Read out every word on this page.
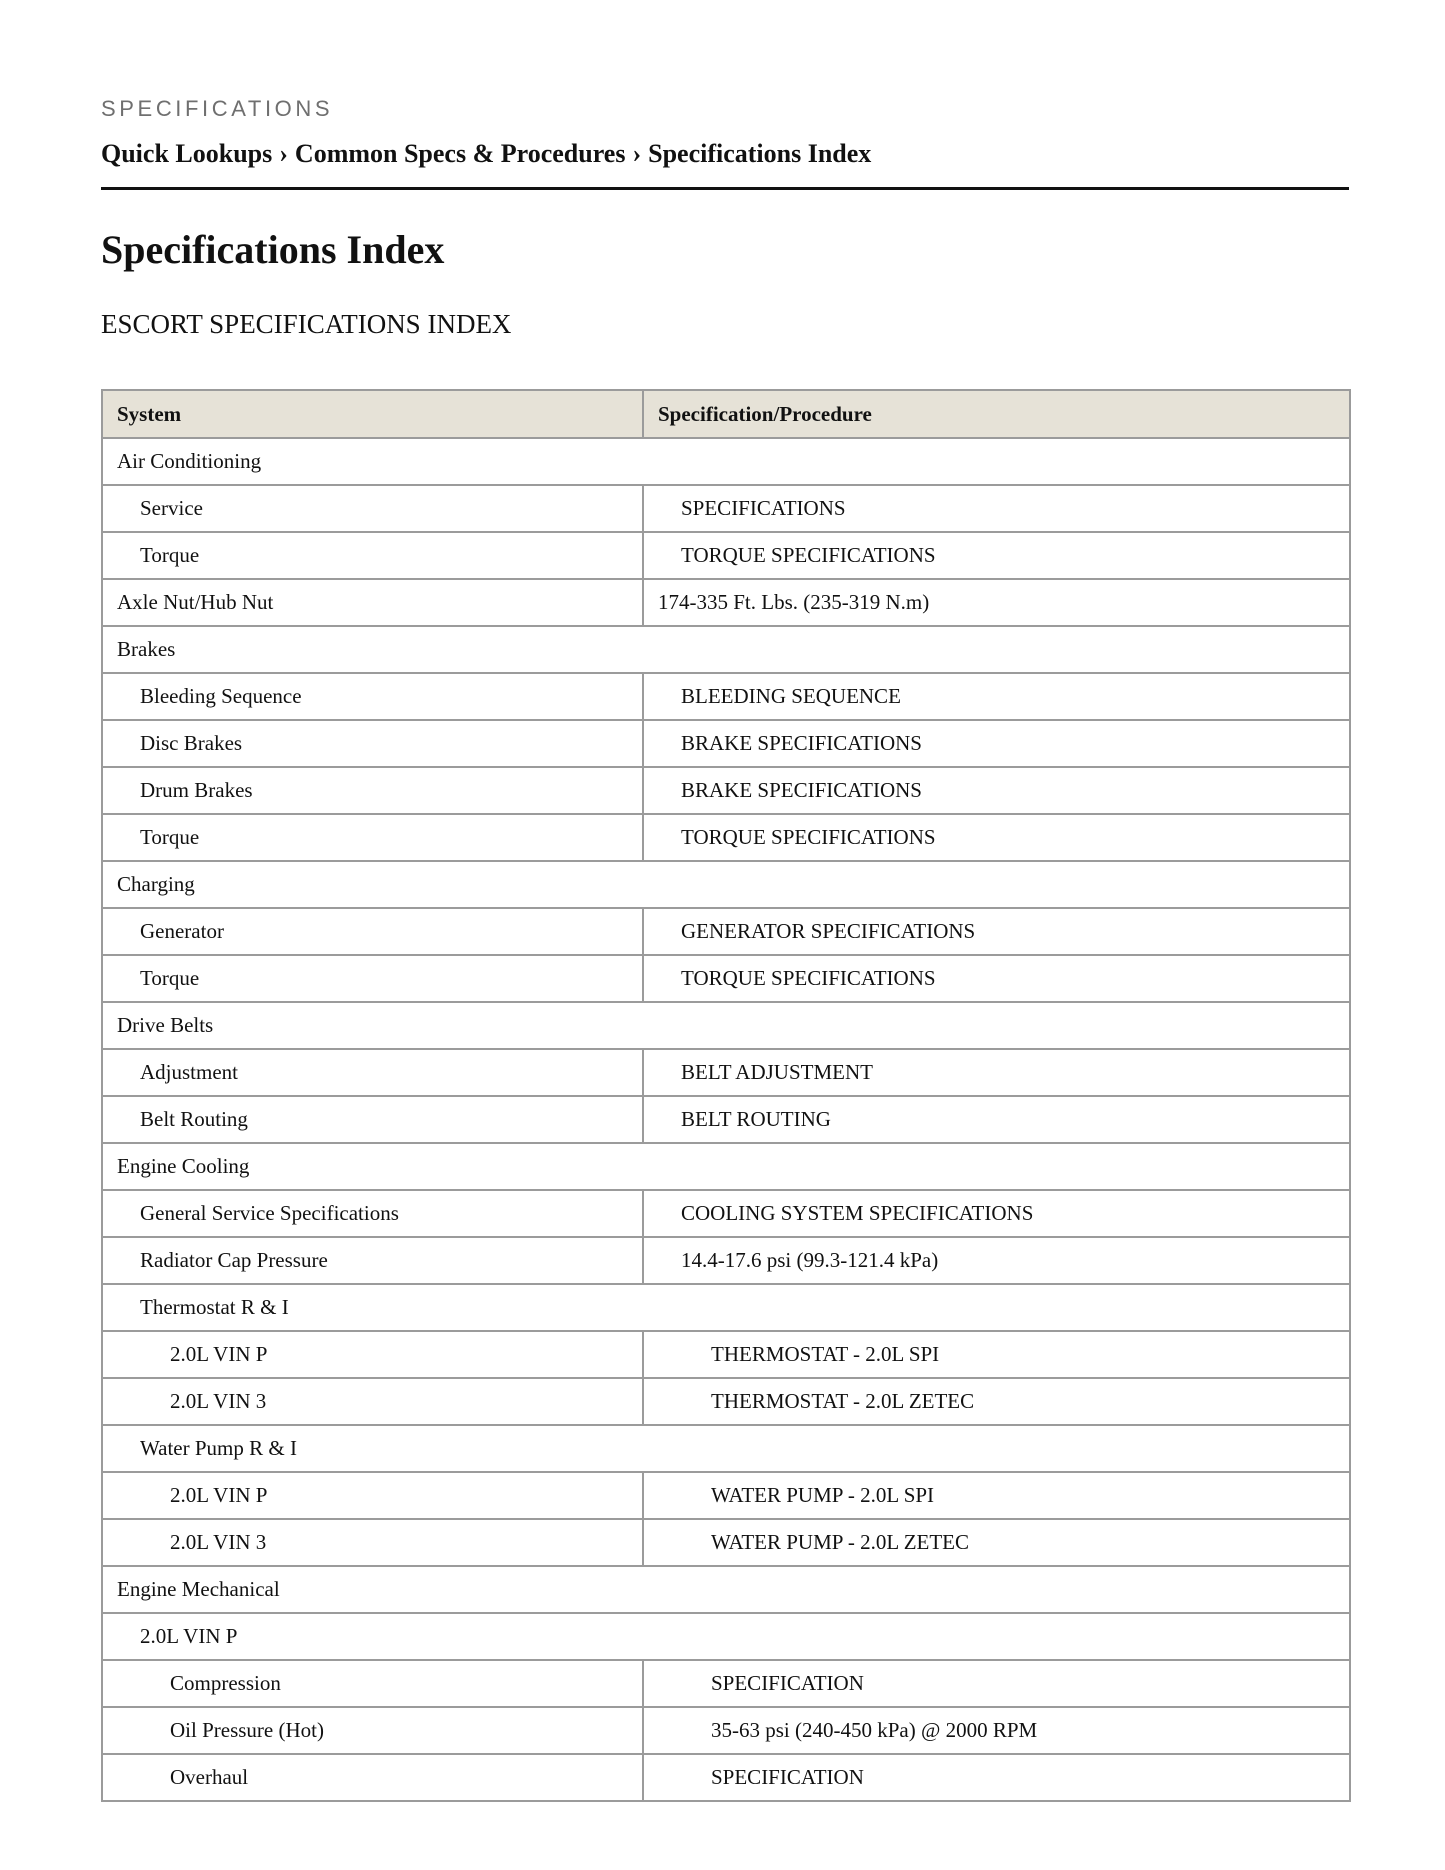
SPECIFICATIONS
Quick Lookups › Common Specs & Procedures › Specifications Index
Specifications Index
ESCORT SPECIFICATIONS INDEX
System	Specification/Procedure
Air Conditioning	
Service	SPECIFICATIONS
Torque	TORQUE SPECIFICATIONS
Axle Nut/Hub Nut	174-335 Ft. Lbs. (235-319 N.m)
Brakes	
Bleeding Sequence	BLEEDING SEQUENCE
Disc Brakes	BRAKE SPECIFICATIONS
Drum Brakes	BRAKE SPECIFICATIONS
Torque	TORQUE SPECIFICATIONS
Charging	
Generator	GENERATOR SPECIFICATIONS
Torque	TORQUE SPECIFICATIONS
Drive Belts	
Adjustment	BELT ADJUSTMENT
Belt Routing	BELT ROUTING
Engine Cooling	
General Service Specifications	COOLING SYSTEM SPECIFICATIONS
Radiator Cap Pressure	14.4-17.6 psi (99.3-121.4 kPa)
Thermostat R & I	
2.0L VIN P	THERMOSTAT - 2.0L SPI
2.0L VIN 3	THERMOSTAT - 2.0L ZETEC
Water Pump R & I	
2.0L VIN P	WATER PUMP - 2.0L SPI
2.0L VIN 3	WATER PUMP - 2.0L ZETEC
Engine Mechanical	
2.0L VIN P	
Compression	SPECIFICATION
Oil Pressure (Hot)	35-63 psi (240-450 kPa) @ 2000 RPM
Overhaul	SPECIFICATION
